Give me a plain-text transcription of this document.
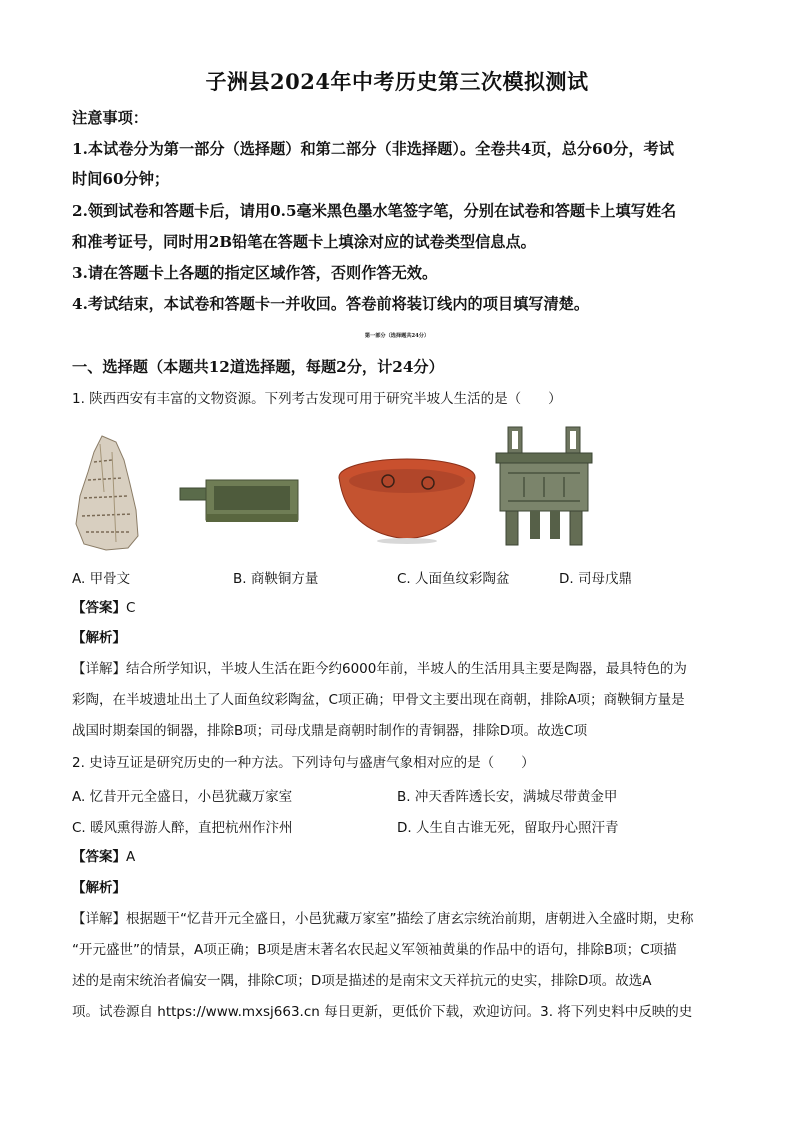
子洲县2024年中考历史第三次模拟测试
注意事项：
1.本试卷分为第一部分（选择题）和第二部分（非选择题）。全卷共4页，总分60分，考试
时间60分钟；
2.领到试卷和答题卡后，请用0.5毫米黑色墨水笔签字笔，分别在试卷和答题卡上填写姓名
和准考证号，同时用2B铅笔在答题卡上填涂对应的试卷类型信息点。
3.请在答题卡上各题的指定区域作答，否则作答无效。
4.考试结束，本试卷和答题卡一并收回。答卷前将装订线内的项目填写清楚。
第一部分（选择题共24分）
一、选择题（本题共12道选择题，每题2分，计24分）
1. 陕西西安有丰富的文物资源。下列考古发现可用于研究半坡人生活的是（　　）
A. 甲骨文	B. 商鞅铜方量	C. 人面鱼纹彩陶盆	D. 司母戊鼎
【答案】C
【解析】
【详解】结合所学知识，半坡人生活在距今约6000年前，半坡人的生活用具主要是陶器，最具特色的为
彩陶，在半坡遗址出土了人面鱼纹彩陶盆，C项正确；甲骨文主要出现在商朝，排除A项；商鞅铜方量是
战国时期秦国的铜器，排除B项；司母戊鼎是商朝时制作的青铜器，排除D项。故选C项
2. 史诗互证是研究历史的一种方法。下列诗句与盛唐气象相对应的是（　　）
A. 忆昔开元全盛日，小邑犹藏万家室	B. 冲天香阵透长安，满城尽带黄金甲
C. 暖风熏得游人醉，直把杭州作汴州	D. 人生自古谁无死，留取丹心照汗青
【答案】A
【解析】
【详解】根据题干“忆昔开元全盛日，小邑犹藏万家室”描绘了唐玄宗统治前期，唐朝进入全盛时期，史称
“开元盛世”的情景，A项正确；B项是唐末著名农民起义军领袖黄巢的作品中的语句，排除B项；C项描
述的是南宋统治者偏安一隅，排除C项；D项是描述的是南宋文天祥抗元的史实，排除D项。故选A
项。试卷源自 https://www.mxsj663.cn 每日更新，更低价下载，欢迎访问。3. 将下列史料中反映的史
